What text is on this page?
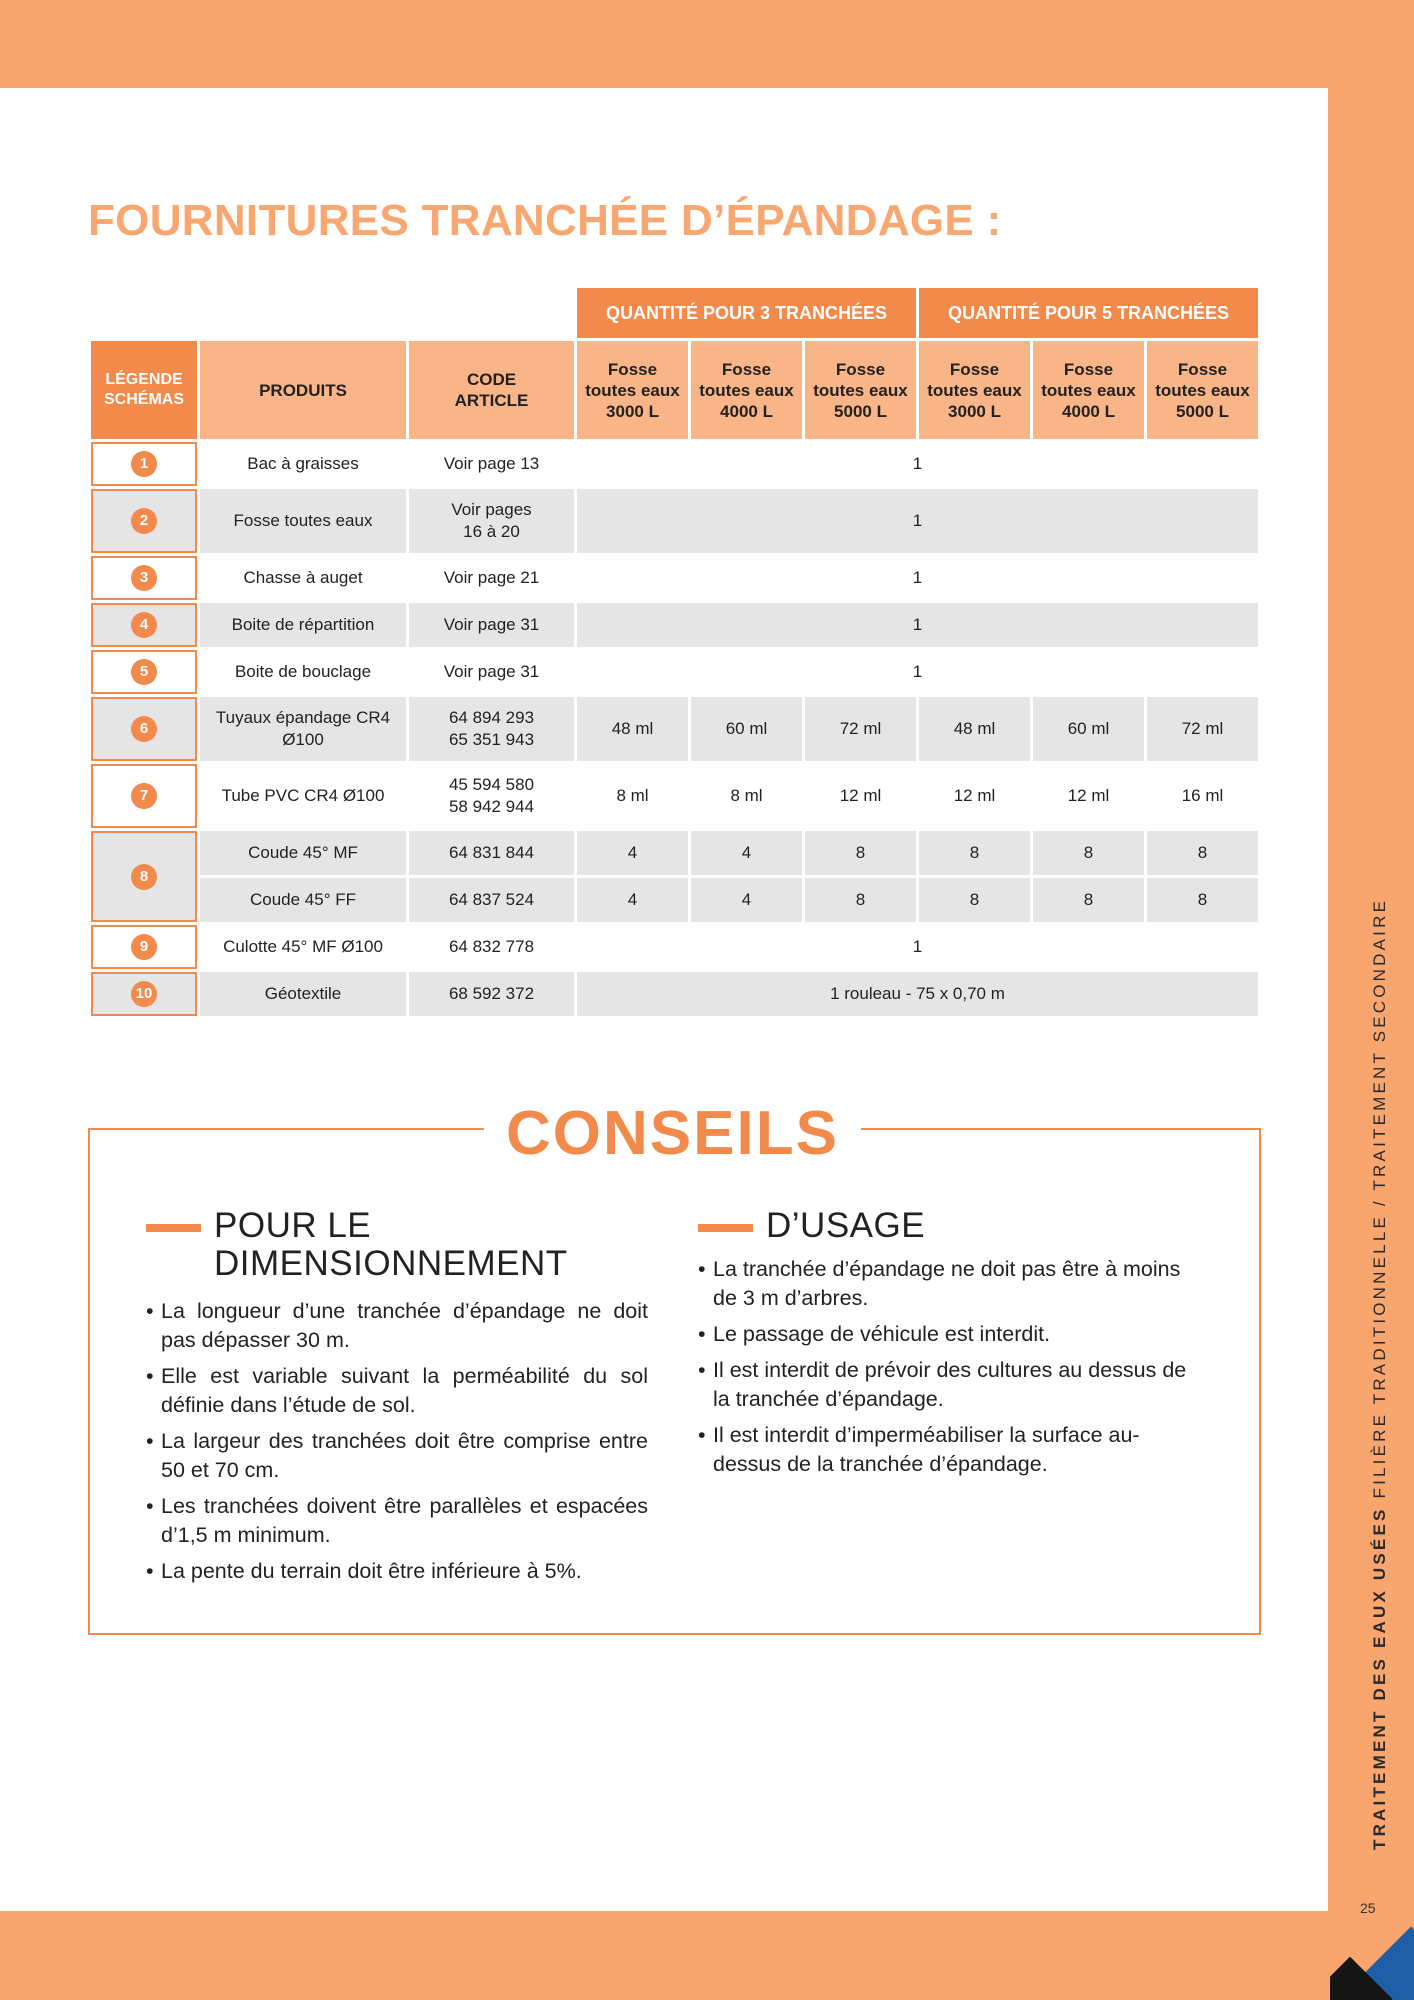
TRAITEMENT DES EAUX USÉES FILIÈRE TRADITIONNELLE / TRAITEMENT SECONDAIRE
25
FOURNITURES TRANCHÉE D’ÉPANDAGE :
			QUANTITÉ POUR 3 TRANCHÉES			QUANTITÉ POUR 5 TRANCHÉES		
LÉGENDE SCHÉMAS	PRODUITS	CODE ARTICLE	Fosse toutes eaux 3000 L	Fosse toutes eaux 4000 L	Fosse toutes eaux 5000 L	Fosse toutes eaux 3000 L	Fosse toutes eaux 4000 L	Fosse toutes eaux 5000 L
1	Bac à graisses	Voir page 13	1					
2	Fosse toutes eaux	Voir pages 16 à 20	1					
3	Chasse à auget	Voir page 21	1					
4	Boite de répartition	Voir page 31	1					
5	Boite de bouclage	Voir page 31	1					
6	Tuyaux épandage CR4 Ø100	64 894 293 65 351 943	48 ml	60 ml	72 ml	48 ml	60 ml	72 ml
7	Tube PVC CR4 Ø100	45 594 580 58 942 944	8 ml	8 ml	12 ml	12 ml	12 ml	16 ml
8	Coude 45° MF	64 831 844	4	4	8	8	8	8
	Coude 45° FF	64 837 524	4	4	8	8	8	8
9	Culotte 45° MF Ø100	64 832 778	1					
10	Géotextile	68 592 372	1 rouleau - 75 x 0,70 m					
CONSEILS
POUR LE DIMENSIONNEMENT
• La longueur d’une tranchée d’épandage ne doit pas dépasser 30 m.
• Elle est variable suivant la perméabilité du sol définie dans l’étude de sol.
• La largeur des tranchées doit être comprise entre 50 et 70 cm.
• Les tranchées doivent être parallèles et espacées d’1,5 m minimum.
• La pente du terrain doit être inférieure à 5%.
D’USAGE
• La tranchée d’épandage ne doit pas être à moins de 3 m d’arbres.
• Le passage de véhicule est interdit.
• Il est interdit de prévoir des cultures au dessus de la tranchée d’épandage.
• Il est interdit d’imperméabiliser la surface au-dessus de la tranchée d’épandage.
